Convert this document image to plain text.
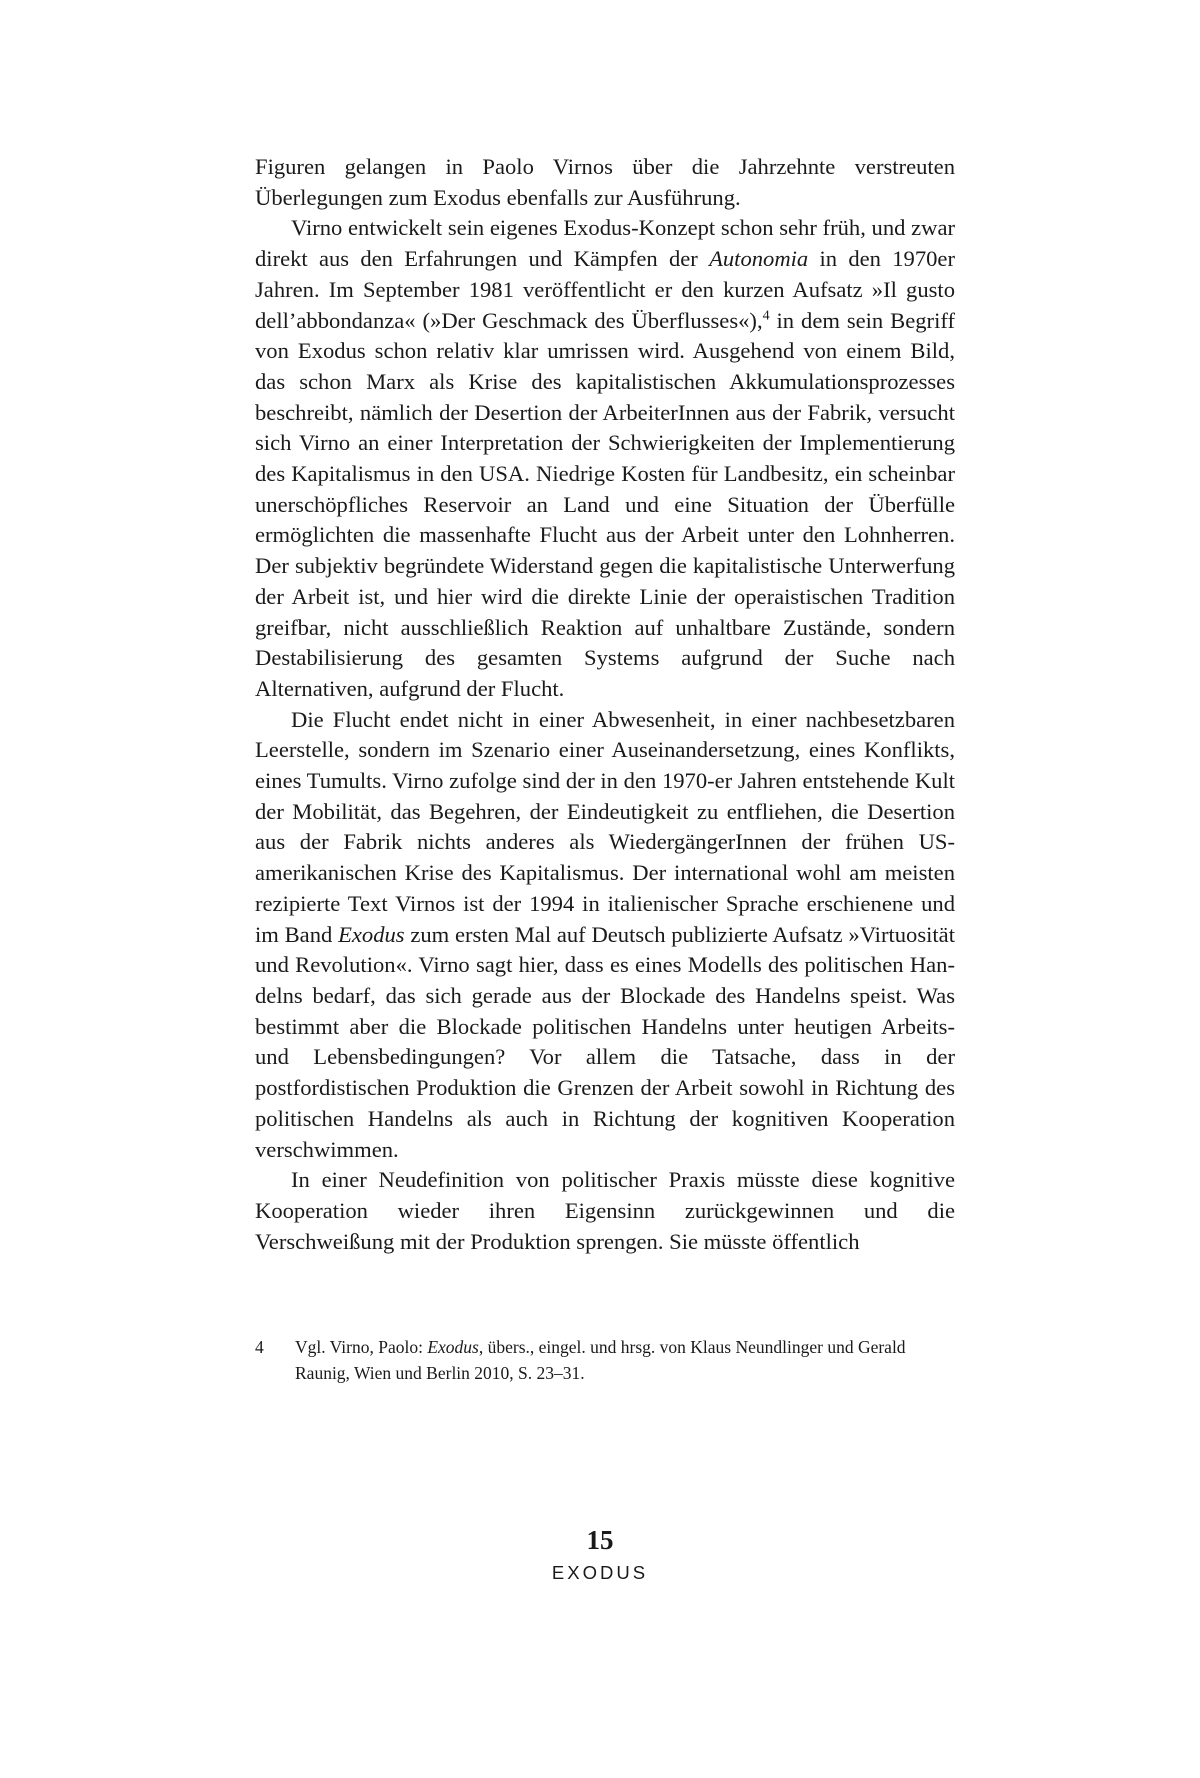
Figuren gelangen in Paolo Virnos über die Jahrzehnte verstreuten Überlegungen zum Exodus ebenfalls zur Ausführung.

Virno entwickelt sein eigenes Exodus-Konzept schon sehr früh, und zwar direkt aus den Erfahrungen und Kämpfen der Autonomia in den 1970er Jahren. Im September 1981 veröffentlicht er den kurzen Aufsatz »Il gusto dell’abbondanza« (»Der Geschmack des Überflusses«),$^4$ in dem sein Begriff von Exodus schon relativ klar umrissen wird. Ausgehend von einem Bild, das schon Marx als Krise des kapitalistischen Akkumulationsprozesses beschreibt, nämlich der Desertion der ArbeiterInnen aus der Fabrik, versucht sich Virno an einer Interpretation der Schwierigkeiten der Implementierung des Kapitalismus in den USA. Niedrige Kosten für Landbesitz, ein scheinbar unerschöpfliches Reservoir an Land und eine Situation der Überfülle ermöglichten die massenhafte Flucht aus der Arbeit unter den Lohnherren. Der subjektiv begründete Widerstand gegen die kapitalistische Unterwerfung der Arbeit ist, und hier wird die direkte Linie der operaistischen Tradition greifbar, nicht ausschließlich Reaktion auf unhaltbare Zustände, sondern Destabilisierung des gesamten Systems aufgrund der Suche nach Alternativen, aufgrund der Flucht.

Die Flucht endet nicht in einer Abwesenheit, in einer nachbesetzbaren Leerstelle, sondern im Szenario einer Auseinandersetzung, eines Konflikts, eines Tumults. Virno zufolge sind der in den 1970-er Jahren entstehende Kult der Mobilität, das Begehren, der Eindeutigkeit zu entfliehen, die Desertion aus der Fabrik nichts anderes als WiedergängerInnen der frühen US-amerikanischen Krise des Kapitalismus. Der international wohl am meisten rezipierte Text Virnos ist der 1994 in italienischer Sprache erschienene und im Band Exodus zum ersten Mal auf Deutsch publizierte Aufsatz »Virtuosität und Revolution«. Virno sagt hier, dass es eines Modells des politischen Handelns bedarf, das sich gerade aus der Blockade des Handelns speist. Was bestimmt aber die Blockade politischen Handelns unter heutigen Arbeits- und Lebensbedingungen? Vor allem die Tatsache, dass in der postfordistischen Produktion die Grenzen der Arbeit sowohl in Richtung des politischen Handelns als auch in Richtung der kognitiven Kooperation verschwimmen.

In einer Neudefinition von politischer Praxis müsste diese kognitive Kooperation wieder ihren Eigensinn zurückgewinnen und die Verschweißung mit der Produktion sprengen. Sie müsste öffentlich

4 Vgl. Virno, Paolo: Exodus, übers., eingel. und hrsg. von Klaus Neundlinger und Gerald Raunig, Wien und Berlin 2010, S. 23–31.
15
EXODUS
